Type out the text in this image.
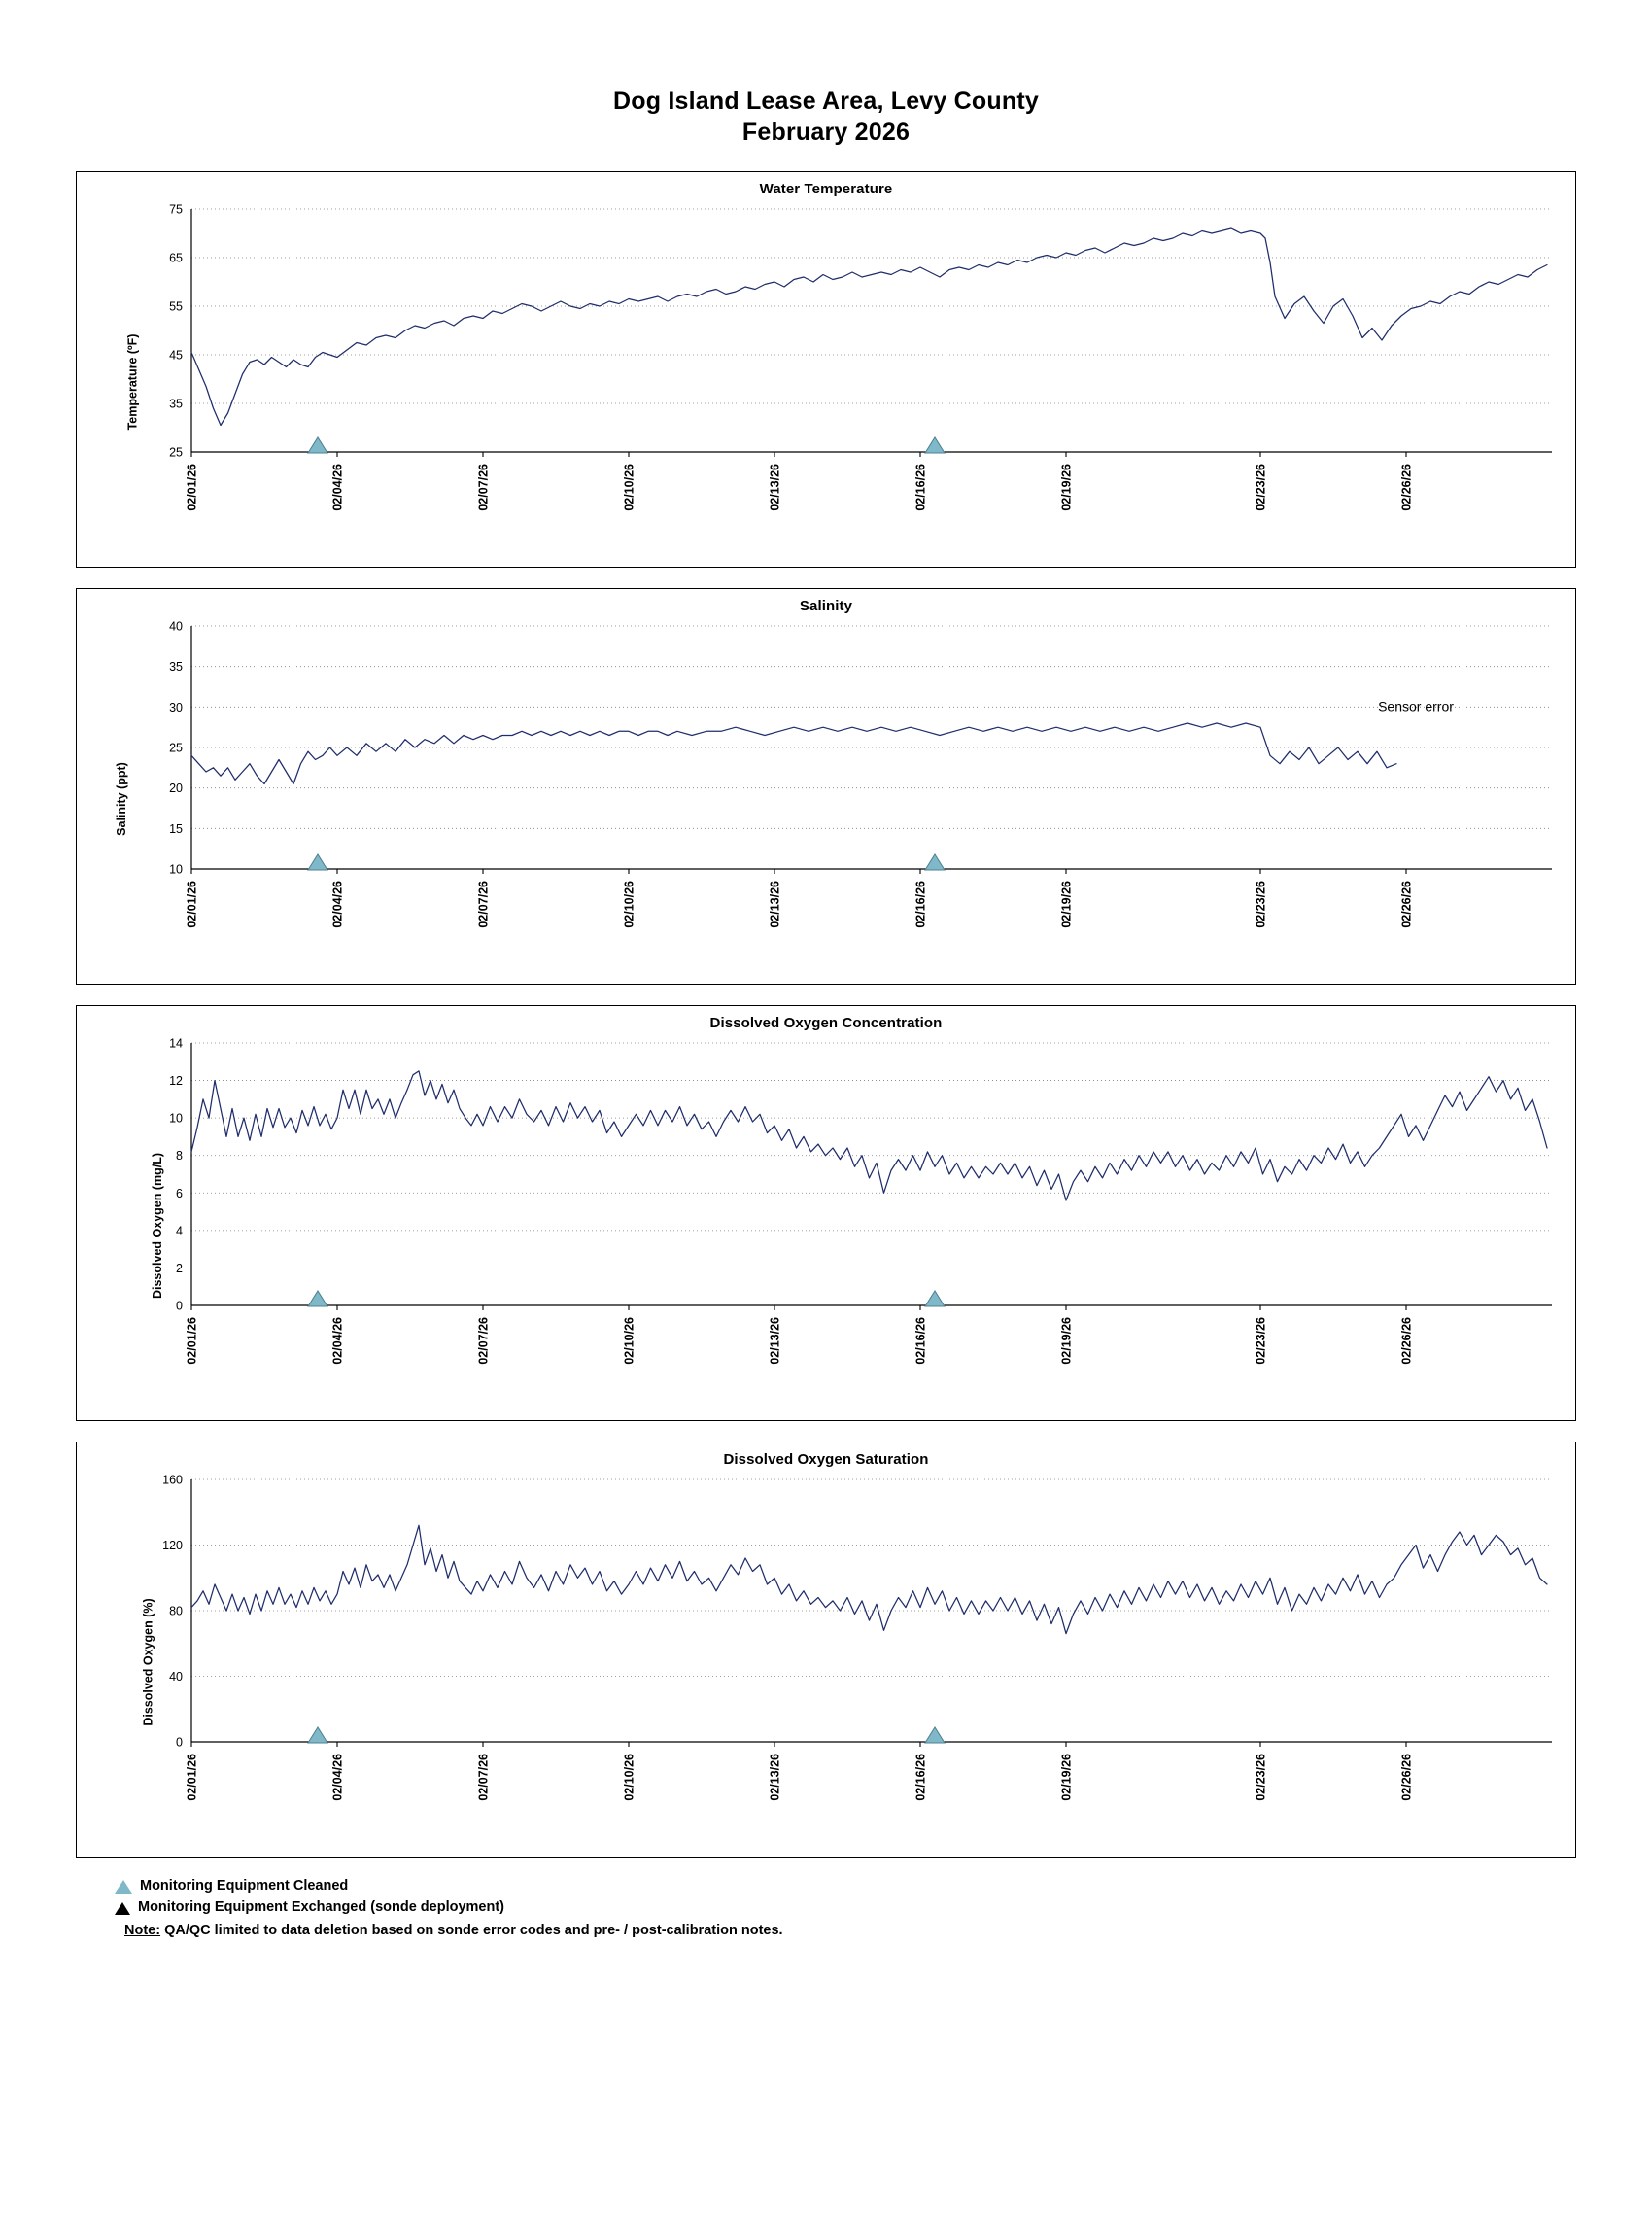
Dog Island Lease Area, Levy County
February 2026
Water Temperature
Temperature (ºF)
25
35
45
55
65
75
02/01/26	02/04/26	02/07/26	02/10/26	02/13/26	02/16/26	02/19/26	02/23/26	02/26/26
Salinity
Salinity (ppt)
10
15
20
25
30
35
40
02/01/26	02/04/26	02/07/26	02/10/26	02/13/26	02/16/26	02/19/26	02/23/26	02/26/26
Sensor error
Dissolved Oxygen Concentration
Dissolved Oxygen (mg/L)
0
2
4
6
8
10
12
14
02/01/26	02/04/26	02/07/26	02/10/26	02/13/26	02/16/26	02/19/26	02/23/26	02/26/26
Dissolved Oxygen Saturation
Dissolved Oxygen (%)
0
40
80
120
160
02/01/26	02/04/26	02/07/26	02/10/26	02/13/26	02/16/26	02/19/26	02/23/26	02/26/26
Monitoring Equipment Cleaned
Monitoring Equipment Exchanged (sonde deployment)
Note: QA/QC limited to data deletion based on sonde error codes and pre- / post-calibration notes.
